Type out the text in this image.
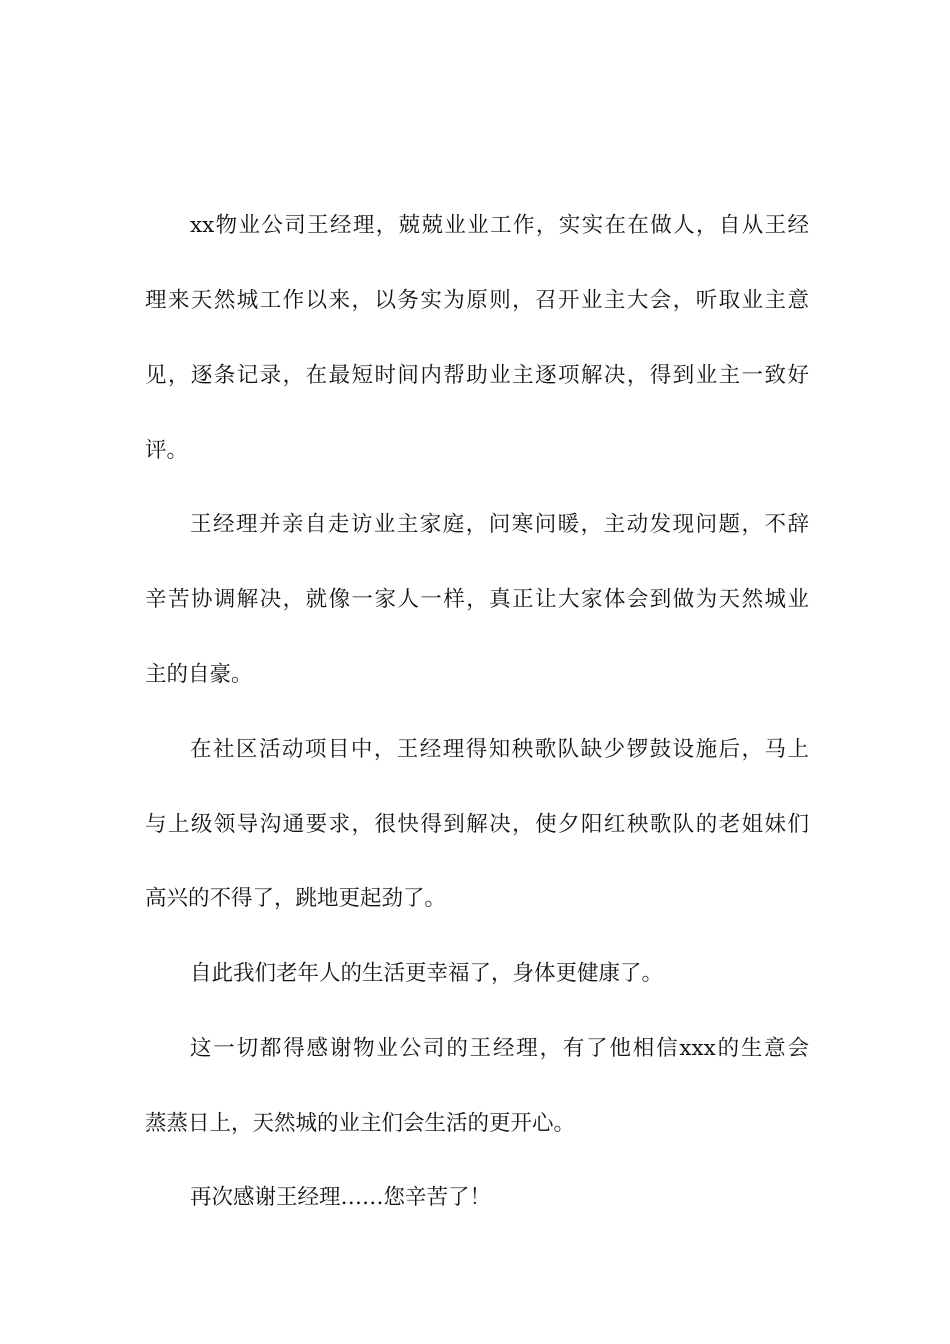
xx物业公司王经理，兢兢业业工作，实实在在做人，自从王经
理来天然城工作以来，以务实为原则，召开业主大会，听取业主意
见，逐条记录，在最短时间内帮助业主逐项解决，得到业主一致好
评。
王经理并亲自走访业主家庭，问寒问暖，主动发现问题，不辞
辛苦协调解决，就像一家人一样，真正让大家体会到做为天然城业
主的自豪。
在社区活动项目中，王经理得知秧歌队缺少锣鼓设施后，马上
与上级领导沟通要求，很快得到解决，使夕阳红秧歌队的老姐妹们
高兴的不得了，跳地更起劲了。
自此我们老年人的生活更幸福了，身体更健康了。
这一切都得感谢物业公司的王经理，有了他相信xxx的生意会
蒸蒸日上，天然城的业主们会生活的更开心。
再次感谢王经理……您辛苦了！
